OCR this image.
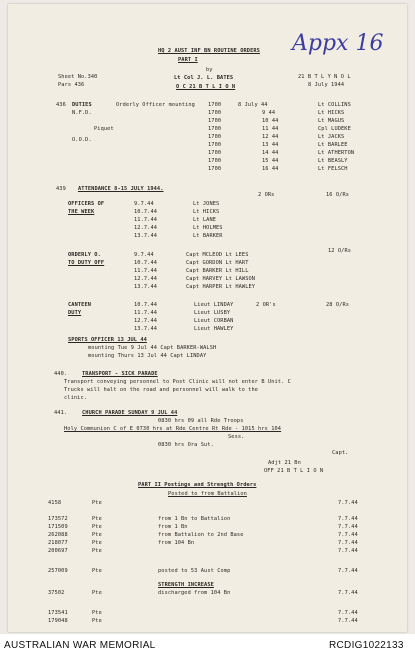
Appx 16
HQ 2 AUST INF BN ROUTINE ORDERS
PART I
by
Lt Col J. L. BATES
O C 21 B T L I O N
Sheet No.340
Pars 436
21 B T L Y N O L
8 July 1944
436 DUTIES
N.F.D.
Piquet
O.O.D.
Orderly Officer mounting 1700	8 July 44	Lt COLLINS
1700	9 44	Lt HICKS
1700	10 44	Lt MAGUS
1700	11 44	Cpl LUDEKE
1700	12 44	Lt JACKS
1700	13 44	Lt BARLEE
1700	14 44	Lt ATHERTON
1700	15 44	Lt BEASLY
1700	16 44	Lt FELSCH
439 ATTENDANCE 8-15 JULY 1944.
OFFICERS OF
THE WEEK
2 ORs	16 O/Rs
9.7.44	Lt JONES
10.7.44	Lt HICKS
11.7.44	Lt LANE
12.7.44	Lt HOLMES
13.7.44	Lt BARKER
ORDERLY O.
TO DUTY OFF
12 O/Rs
9.7.44	Capt MCLEOD Lt LEES
10.7.44	Capt GORDON Lt HART
11.7.44	Capt BARKER Lt HILL
12.7.44	Capt HARVEY Lt LAWSON
13.7.44	Capt HARPER Lt HAWLEY
CANTEEN
DUTY
2 OR's	28 O/Rs
10.7.44	Lieut LINDAY
11.7.44	Lieut LUSBY
12.7.44	Lieut CORBAN
13.7.44	Lieut HAWLEY
SPORTS OFFICER 13 JUL 44
mounting Tue 9 Jul 44 Capt BARKER-WALSH
mounting Thurs 13 Jul 44 Capt LINDAY
440.	TRANSPORT - SICK PARADE
Transport conveying personnel to Post Clinic will not enter B Unit. C
Trucks will halt on the road and personnel will walk to the
clinic.
441.	CHURCH PARADE SUNDAY 9 JUL 44
0830 hrs 09 all Rde Troops
Holy Communion C of E 0730 hrs at Rde Centre Rt Rde - 1015 hrs 104
Sess.
0830 hrs Ora Sut.
Capt.
Adjt 21 Bn
OFF 21 B T L I O N
PART II Postings and Strength Orders
Posted to from Battalion
4158	Pte	7.7.44
173572	Pte	from 1 Bn to Battalion	7.7.44
171509	Pte	from 1 Bn	7.7.44
262088	Pte	from Battalion to 2nd Base	7.7.44
218077	Pte	from 104 Bn	7.7.44
200697	Pte	7.7.44
257009	Pte	posted to 53 Aust Comp	7.7.44
STRENGTH INCREASE
37502	Pte	discharged from 104 Bn	7.7.44
173541	Pte	7.7.44
179048	Pte	7.7.44
AUSTRALIAN WAR MEMORIAL	RCDIG1022133
